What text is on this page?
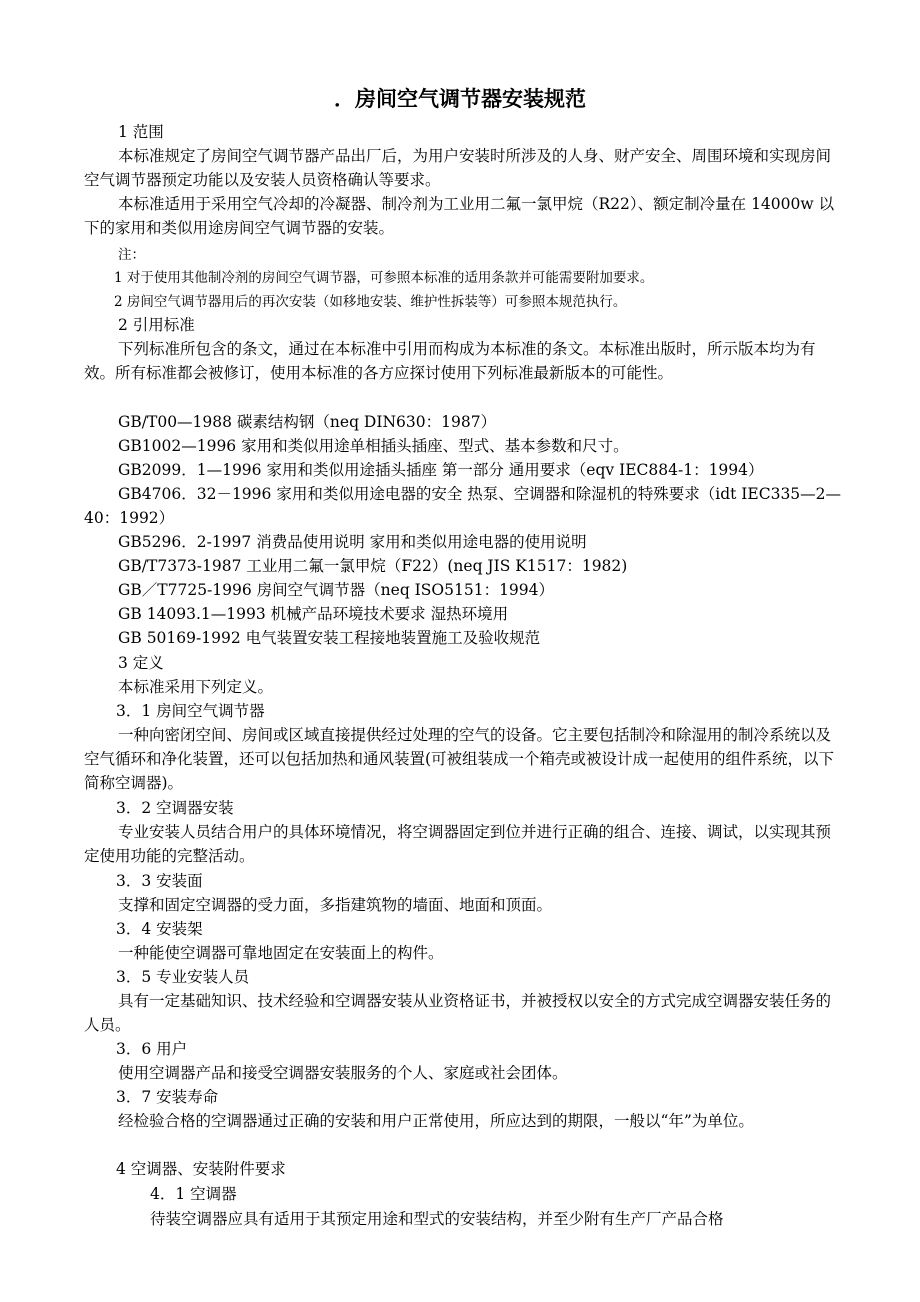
．房间空气调节器安装规范
1 范围

本标准规定了房间空气调节器产品出厂后，为用户安装时所涉及的人身、财产安全、周围环境和实现房间空气调节器预定功能以及安装人员资格确认等要求。

本标准适用于采用空气冷却的冷凝器、制冷剂为工业用二氟一氯甲烷（R22）、额定制冷量在 14000w 以下的家用和类似用途房间空气调节器的安装。

注：
1 对于使用其他制冷剂的房间空气调节器，可参照本标准的适用条款并可能需要附加要求。
2 房间空气调节器用后的再次安装（如移地安装、维护性拆装等）可参照本规范执行。
2 引用标准

下列标准所包含的条文，通过在本标准中引用而构成为本标准的条文。本标准出版时，所示版本均为有效。所有标准都会被修订，使用本标准的各方应探讨使用下列标准最新版本的可能性。

GB/T00—1988 碳素结构钢（neq DIN630：1987）

GB1002—1996 家用和类似用途单相插头插座、型式、基本参数和尺寸。

GB2099．1—1996 家用和类似用途插头插座 第一部分 通用要求（eqv IEC884-1：1994）

GB4706．32－1996 家用和类似用途电器的安全 热泵、空调器和除湿机的特殊要求（idt IEC335—2—40：1992）

GB5296．2-1997 消费品使用说明 家用和类似用途电器的使用说明

GB/T7373-1987 工业用二氟一氯甲烷（F22）(neq JIS K1517：1982)

GB／T7725-1996 房间空气调节器（neq ISO5151：1994）

GB 14093.1—1993 机械产品环境技术要求 湿热环境用

GB 50169-1992 电气装置安装工程接地装置施工及验收规范

3 定义
本标准采用下列定义。
3．1 房间空气调节器

一种向密闭空间、房间或区域直接提供经过处理的空气的设备。它主要包括制冷和除湿用的制冷系统以及空气循环和净化装置，还可以包括加热和通风装置(可被组装成一个箱壳或被设计成一起使用的组件系统，以下简称空调器)。

3．2 空调器安装

专业安装人员结合用户的具体环境情况，将空调器固定到位并进行正确的组合、连接、调试，以实现其预定使用功能的完整活动。

3．3 安装面

支撑和固定空调器的受力面，多指建筑物的墙面、地面和顶面。

3．4 安装架

一种能使空调器可靠地固定在安装面上的构件。

3．5 专业安装人员

具有一定基础知识、技术经验和空调器安装从业资格证书，并被授权以安全的方式完成空调器安装任务的人员。

3．6 用户

使用空调器产品和接受空调器安装服务的个人、家庭或社会团体。

3．7 安装寿命

经检验合格的空调器通过正确的安装和用户正常使用，所应达到的期限，一般以“年”为单位。

4 空调器、安装附件要求
4．1 空调器
待装空调器应具有适用于其预定用途和型式的安装结构，并至少附有生产厂产品合格
